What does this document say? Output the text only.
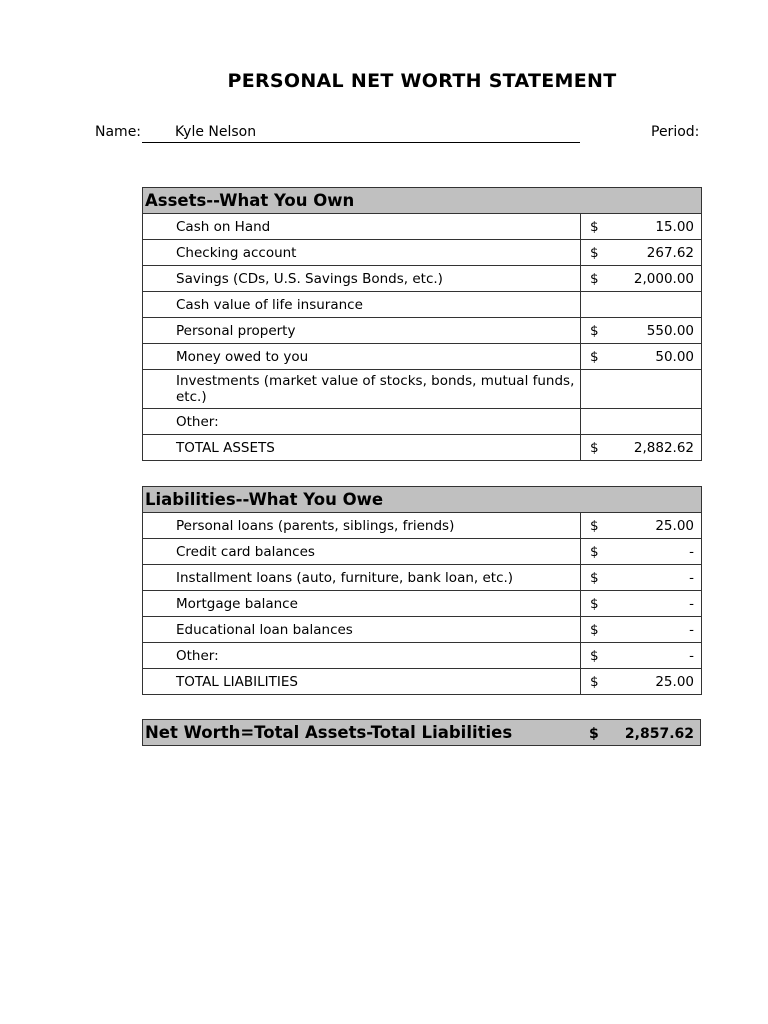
PERSONAL NET WORTH STATEMENT
Name: Kyle Nelson	Period:
Assets--What You Own	
Cash on Hand	$ 15.00

Checking account	$ 267.62

Savings (CDs, U.S. Savings Bonds, etc.)	$ 2,000.00

Cash value of life insurance	

Personal property	$ 550.00

Money owed to you	$ 50.00

Investments (market value of stocks, bonds, mutual funds, etc.)	

Other:	

TOTAL ASSETS	$ 2,882.62
Liabilities--What You Owe	
Personal loans (parents, siblings, friends)	$ 25.00

Credit card balances	$ -

Installment loans (auto, furniture, bank loan, etc.)	$ -

Mortgage balance	$ -

Educational loan balances	$ -

Other:	$ -

TOTAL LIABILITIES	$ 25.00
Net Worth=Total Assets-Total Liabilities	$ 2,857.62
